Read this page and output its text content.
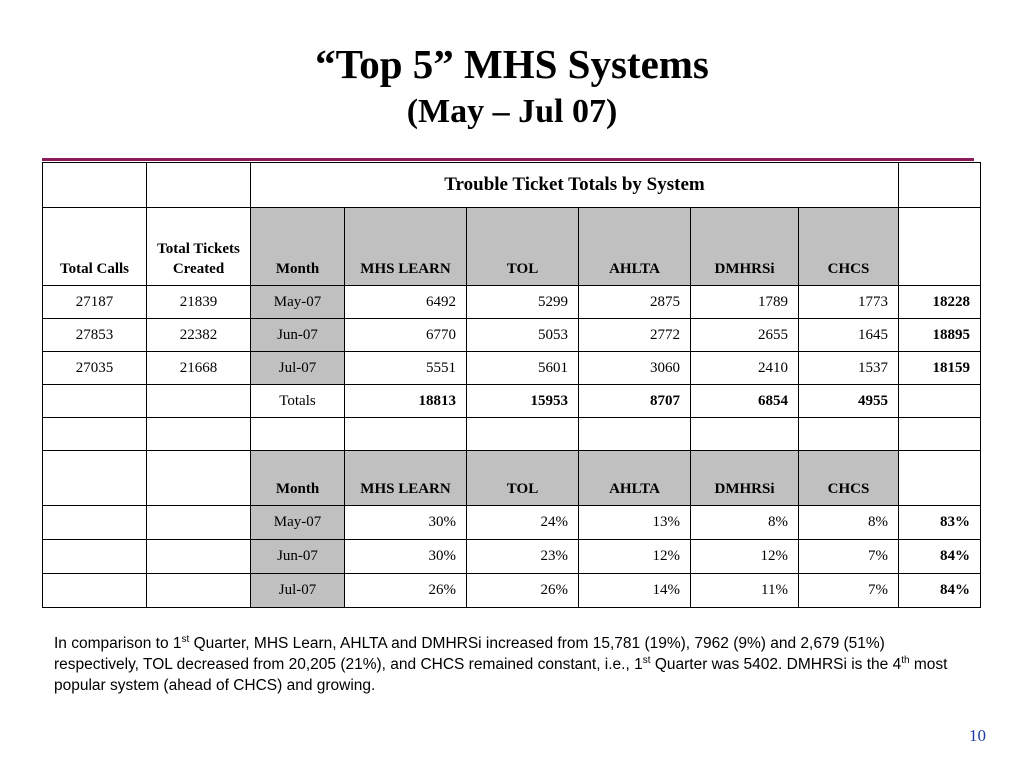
“Top 5” MHS Systems
(May – Jul 07)
		Trouble Ticket Totals by System						
Total Calls	Total Tickets Created	Month	MHS LEARN	TOL	AHLTA	DMHRSi	CHCS	
27187	21839	May-07	6492	5299	2875	1789	1773	18228
27853	22382	Jun-07	6770	5053	2772	2655	1645	18895
27035	21668	Jul-07	5551	5601	3060	2410	1537	18159
		Totals	18813	15953	8707	6854	4955	

		Month	MHS LEARN	TOL	AHLTA	DMHRSi	CHCS	
		May-07	30%	24%	13%	8%	8%	83%
		Jun-07	30%	23%	12%	12%	7%	84%
		Jul-07	26%	26%	14%	11%	7%	84%
In comparison to 1st Quarter, MHS Learn, AHLTA and DMHRSi increased from 15,781 (19%), 7962 (9%) and 2,679 (51%) respectively, TOL decreased from 20,205 (21%), and CHCS remained constant, i.e., 1st Quarter was 5402. DMHRSi is the 4th most popular system (ahead of CHCS) and growing.
10
